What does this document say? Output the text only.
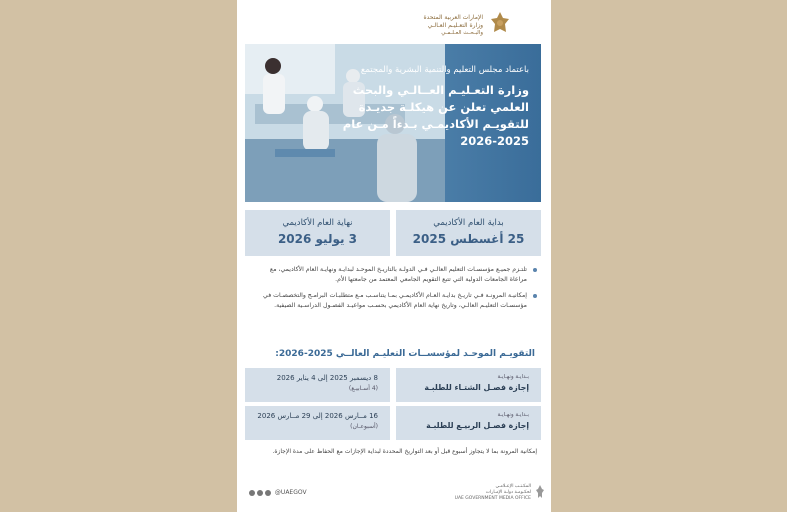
الإمارات العربية المتحدة
وزارة التعـليـم العـالـي
والبـحـث العـلـمـي
باعتماد مجلس التعليم والتنمية البشرية والمجتمع
وزارة التعـليـم العــالـي والبحث العلمي تعلن عن هيكلـة جديـدة للتقويـم الأكاديمـي بـدءاً مـن عام 2025-2026
بداية العام الأكاديمي
25 أغسطس 2025
نهاية العام الأكاديمي
3 يوليو 2026
تلتـزم جميـع مؤسسـات التعليم العالـي فـي الدولـة بالتاريـخ الموحـد لبدايـة ونهايـة العام الأكاديمي، مع مراعاة الجامعات الدولية التي تتبع التقويم الجامعي المعتمد من جامعتها الأم.
إمكانيـة المرونـة فـي تاريـخ بدايـة العـام الأكاديمـي بمـا يتناسـب مـع متطلبـات البرامـج والتخصصـات في مؤسسـات التعليـم العالـي، وتاريخ نهاية العام الأكاديمي بحسـب مواعيـد الفصـول الدراسـية الصيفية.
التقويـم الموحـد لمؤسســات التعليـم العالــي 2025-2026:
بـدايـة ونهـايـة
إجازة فصـل الشتـاء للطلبـة
8 ديسمبر 2025 إلى 4 يناير 2026
(4 أسـابيـع)
بـدايـة ونهـايـة
إجازة فصـل الربيـع للطلبـة
16 مــارس 2026 إلى 29 مــارس 2026
(أسبوعـان)
إمكانية المرونة بما لا يتجاوز أسبوع قبل أو بعد التواريخ المحددة لبداية الإجازات مع الحفاظ على مدة الإجازة.
@UAEGOV
المكـتـب الإعـلامـي
لحكـومـة دولـة الإمـارات
UAE GOVERNMENT MEDIA OFFICE
